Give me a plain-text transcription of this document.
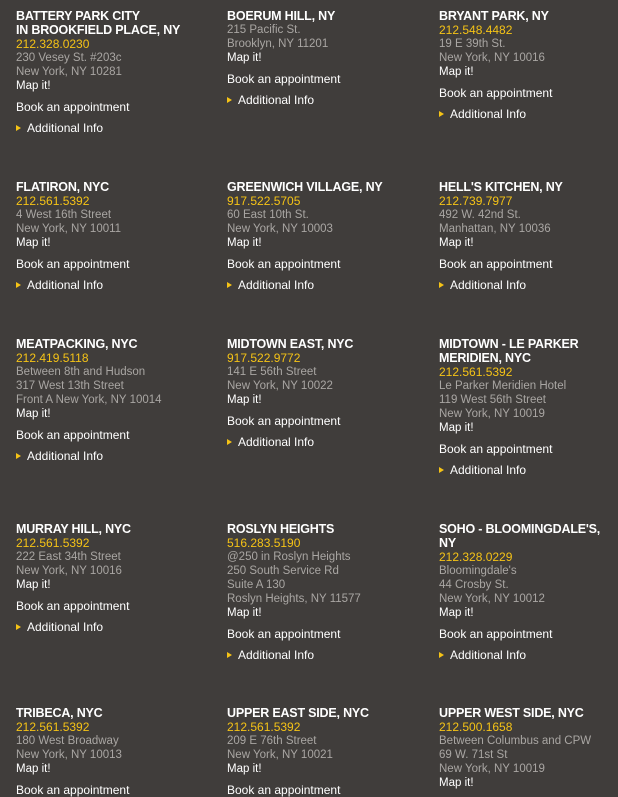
BATTERY PARK CITY
IN BROOKFIELD PLACE, NY
212.328.0230
230 Vesey St. #203c
New York, NY 10281
Map it!
Book an appointment
Additional Info
BOERUM HILL, NY
215 Pacific St.
Brooklyn, NY 11201
Map it!
Book an appointment
Additional Info
BRYANT PARK, NY
212.548.4482
19 E 39th St.
New York, NY 10016
Map it!
Book an appointment
Additional Info
FLATIRON, NYC
212.561.5392
4 West 16th Street
New York, NY 10011
Map it!
Book an appointment
Additional Info
GREENWICH VILLAGE, NY
917.522.5705
60 East 10th St.
New York, NY 10003
Map it!
Book an appointment
Additional Info
HELL'S KITCHEN, NY
212.739.7977
492 W. 42nd St.
Manhattan, NY 10036
Map it!
Book an appointment
Additional Info
MEATPACKING, NYC
212.419.5118
Between 8th and Hudson
317 West 13th Street
Front A New York, NY 10014
Map it!
Book an appointment
Additional Info
MIDTOWN EAST, NYC
917.522.9772
141 E 56th Street
New York, NY 10022
Map it!
Book an appointment
Additional Info
MIDTOWN - LE PARKER
MERIDIEN, NYC
212.561.5392
Le Parker Meridien Hotel
119 West 56th Street
New York, NY 10019
Map it!
Book an appointment
Additional Info
MURRAY HILL, NYC
212.561.5392
222 East 34th Street
New York, NY 10016
Map it!
Book an appointment
Additional Info
ROSLYN HEIGHTS
516.283.5190
@250 in Roslyn Heights
250 South Service Rd
Suite A 130
Roslyn Heights, NY 11577
Map it!
Book an appointment
Additional Info
SOHO - BLOOMINGDALE'S, NY
212.328.0229
Bloomingdale's
44 Crosby St.
New York, NY 10012
Map it!
Book an appointment
Additional Info
TRIBECA, NYC
212.561.5392
180 West Broadway
New York, NY 10013
Map it!
Book an appointment
UPPER EAST SIDE, NYC
212.561.5392
209 E 76th Street
New York, NY 10021
Map it!
Book an appointment
UPPER WEST SIDE, NYC
212.500.1658
Between Columbus and CPW
69 W. 71st St
New York, NY 10019
Map it!
